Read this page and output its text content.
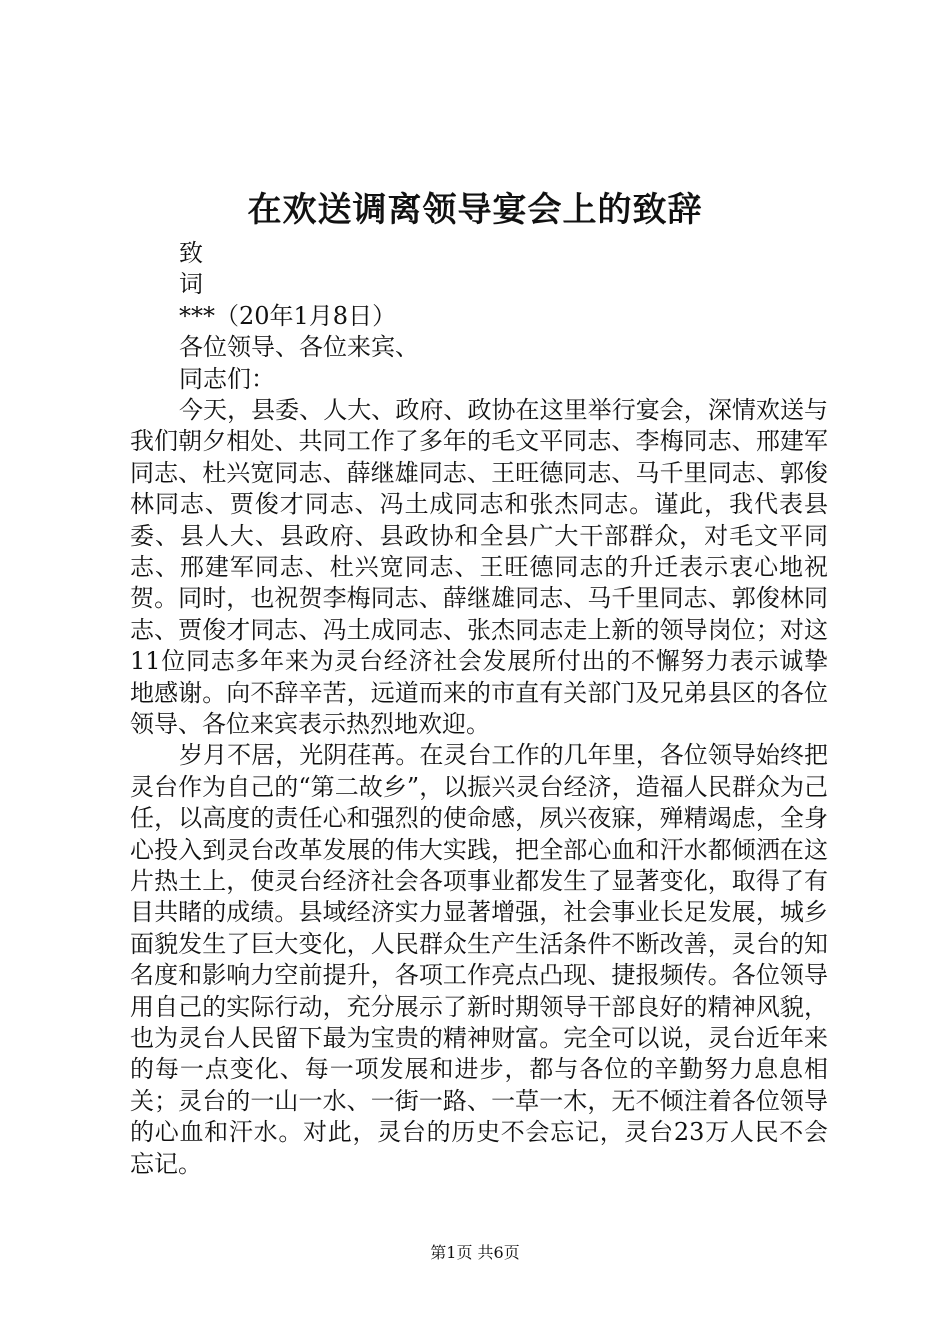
在欢送调离领导宴会上的致辞
致
词
***（20年1月8日）
各位领导、各位来宾、
同志们：

今天，县委、人大、政府、政协在这里举行宴会，深情欢送与我们朝夕相处、共同工作了多年的毛文平同志、李梅同志、邢建军同志、杜兴宽同志、薛继雄同志、王旺德同志、马千里同志、郭俊林同志、贾俊才同志、冯土成同志和张杰同志。谨此，我代表县委、县人大、县政府、县政协和全县广大干部群众，对毛文平同志、邢建军同志、杜兴宽同志、王旺德同志的升迁表示衷心地祝贺。同时，也祝贺李梅同志、薛继雄同志、马千里同志、郭俊林同志、贾俊才同志、冯土成同志、张杰同志走上新的领导岗位；对这11位同志多年来为灵台经济社会发展所付出的不懈努力表示诚挚地感谢。向不辞辛苦，远道而来的市直有关部门及兄弟县区的各位领导、各位来宾表示热烈地欢迎。

岁月不居，光阴荏苒。在灵台工作的几年里，各位领导始终把灵台作为自己的“第二故乡”，以振兴灵台经济，造福人民群众为己任，以高度的责任心和强烈的使命感，夙兴夜寐，殚精竭虑，全身心投入到灵台改革发展的伟大实践，把全部心血和汗水都倾洒在这片热土上，使灵台经济社会各项事业都发生了显著变化，取得了有目共睹的成绩。县域经济实力显著增强，社会事业长足发展，城乡面貌发生了巨大变化，人民群众生产生活条件不断改善，灵台的知名度和影响力空前提升，各项工作亮点凸现、捷报频传。各位领导用自己的实际行动，充分展示了新时期领导干部良好的精神风貌，也为灵台人民留下最为宝贵的精神财富。完全可以说，灵台近年来的每一点变化、每一项发展和进步，都与各位的辛勤努力息息相关；灵台的一山一水、一街一路、一草一木，无不倾注着各位领导的心血和汗水。对此，灵台的历史不会忘记，灵台23万人民不会忘记。

第1页 共6页
